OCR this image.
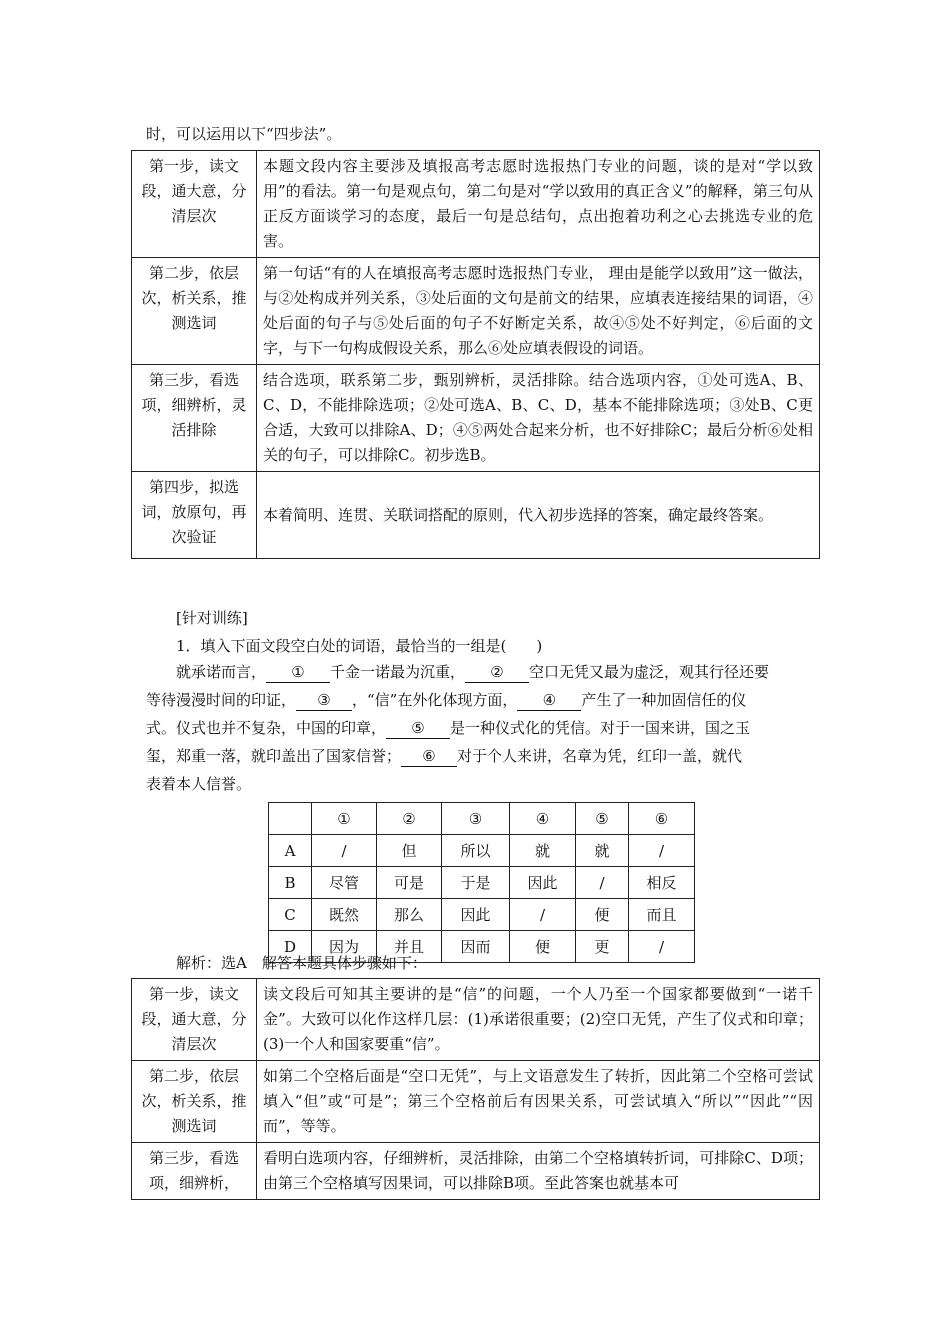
时，可以运用以下“四步法”。

第一步，读文段，通大意，分清层次	本题文段内容主要涉及填报高考志愿时选报热门专业的问题，谈的是对“学以致用”的看法。第一句是观点句，第二句是对“学以致用的真正含义”的解释，第三句从正反方面谈学习的态度，最后一句是总结句，点出抱着功利之心去挑选专业的危害。
第二步，依层次，析关系，推测选词	第一句话“有的人在填报高考志愿时选报热门专业， 理由是能学以致用”这一做法，与②处构成并列关系，③处后面的文句是前文的结果，应填表连接结果的词语，④处后面的句子与⑤处后面的句子不好断定关系，故④⑤处不好判定，⑥后面的文字，与下一句构成假设关系，那么⑥处应填表假设的词语。
第三步，看选项，细辨析，灵活排除	结合选项，联系第二步，甄别辨析，灵活排除。结合选项内容，①处可选A、B、C、D，不能排除选项；②处可选A、B、C、D，基本不能排除选项；③处B、C更合适，大致可以排除A、D；④⑤两处合起来分析，也不好排除C；最后分析⑥处相关的句子，可以排除C。初步选B。
第四步，拟选词，放原句，再次验证	本着简明、连贯、关联词搭配的原则，代入初步选择的答案，确定最终答案。

[针对训练]

1．填入下面文段空白处的词语，最恰当的一组是(　　)

就承诺而言， ① 千金一诺最为沉重， ② 空口无凭又最为虚泛，观其行径还要

等待漫漫时间的印证， ③ ，“信”在外化体现方面， ④ 产生了一种加固信任的仪

式。仪式也并不复杂，中国的印章， ⑤ 是一种仪式化的凭信。对于一国来讲，国之玉

玺，郑重一落，就印盖出了国家信誉； ⑥ 对于个人来讲，名章为凭，红印一盖，就代

表着本人信誉。

	①	②	③	④	⑤	⑥
A	/	但	所以	就	就	/
B	尽管	可是	于是	因此	/	相反
C	既然	那么	因此	/	便	而且
D	因为	并且	因而	便	更	/

解析：选A　解答本题具体步骤如下：

第一步，读文段，通大意，分清层次	读文段后可知其主要讲的是“信”的问题，一个人乃至一个国家都要做到“一诺千金”。大致可以化作这样几层：(1)承诺很重要；(2)空口无凭，产生了仪式和印章；(3)一个人和国家要重“信”。
第二步，依层次，析关系，推测选词	如第二个空格后面是“空口无凭”，与上文语意发生了转折，因此第二个空格可尝试填入“但”或“可是”；第三个空格前后有因果关系，可尝试填入“所以”“因此”“因而”，等等。
第三步，看选项，细辨析，	看明白选项内容，仔细辨析，灵活排除，由第二个空格填转折词，可排除C、D项；由第三个空格填写因果词，可以排除B项。至此答案也就基本可
